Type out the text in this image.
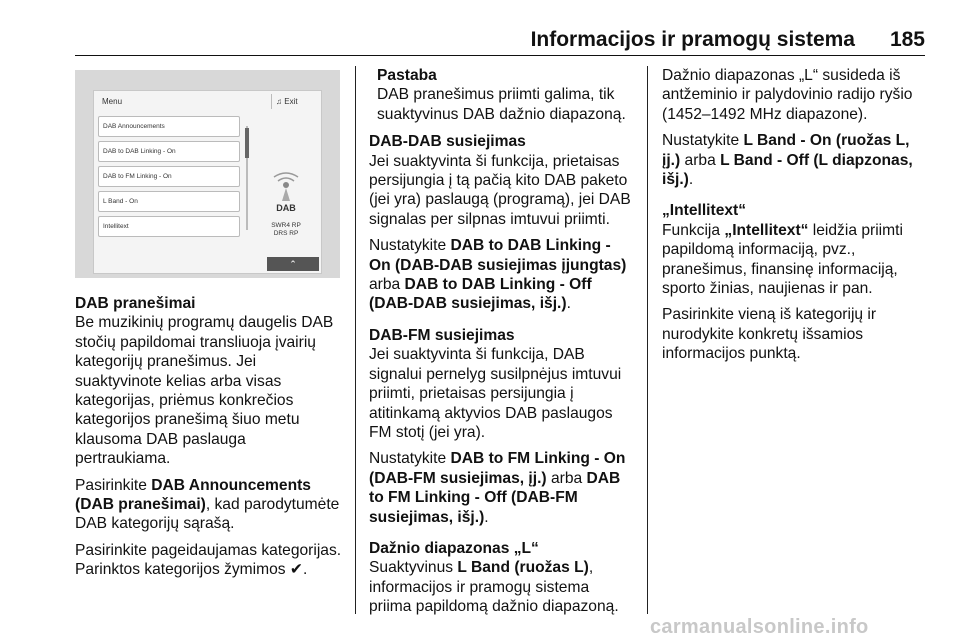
Informacijos ir pramogų sistema 185
Menu	♫ Exit
DAB Announcements
DAB to DAB Linking - On
DAB to FM Linking - On
L Band - On
Intellitext
DAB
SWR4 RP
DRS RP
⌃

DAB pranešimai

Be muzikinių programų daugelis DAB stočių papildomai transliuoja įvairių kategorijų pranešimus. Jei suaktyvinote kelias arba visas kategorijas, priėmus konkrečios kategorijos pranešimą šiuo metu klausoma DAB paslauga pertraukiama.

Pasirinkite DAB Announcements (DAB pranešimai), kad parodytumėte DAB kategorijų sąrašą.

Pasirinkite pageidaujamas kategorijas. Parinktos kategorijos žymimos ✔.

Pastaba
DAB pranešimus priimti galima, tik suaktyvinus DAB dažnio diapazoną.

DAB-DAB susiejimas

Jei suaktyvinta ši funkcija, prietaisas persijungia į tą pačią kito DAB paketo (jei yra) paslaugą (programą), jei DAB signalas per silpnas imtuvui priimti.

Nustatykite DAB to DAB Linking - On (DAB-DAB susiejimas įjungtas) arba DAB to DAB Linking - Off (DAB-DAB susiejimas, išj.).

DAB-FM susiejimas

Jei suaktyvinta ši funkcija, DAB signalui pernelyg susilpnėjus imtuvui priimti, prietaisas persijungia į atitinkamą aktyvios DAB paslaugos FM stotį (jei yra).

Nustatykite DAB to FM Linking - On (DAB-FM susiejimas, įj.) arba DAB to FM Linking - Off (DAB-FM susiejimas, išj.).

Dažnio diapazonas „L“

Suaktyvinus L Band (ruožas L), informacijos ir pramogų sistema priima papildomą dažnio diapazoną.

Dažnio diapazonas „L“ susideda iš antžeminio ir palydovinio radijo ryšio (1452–1492 MHz diapazone).

Nustatykite L Band - On (ruožas L, įj.) arba L Band - Off (L diapzonas, išj.).

„Intellitext“

Funkcija „Intellitext“ leidžia priimti papildomą informaciją, pvz., pranešimus, finansinę informaciją, sporto žinias, naujienas ir pan.

Pasirinkite vieną iš kategorijų ir nurodykite konkretų išsamios informacijos punktą.

carmanualsonline.info
